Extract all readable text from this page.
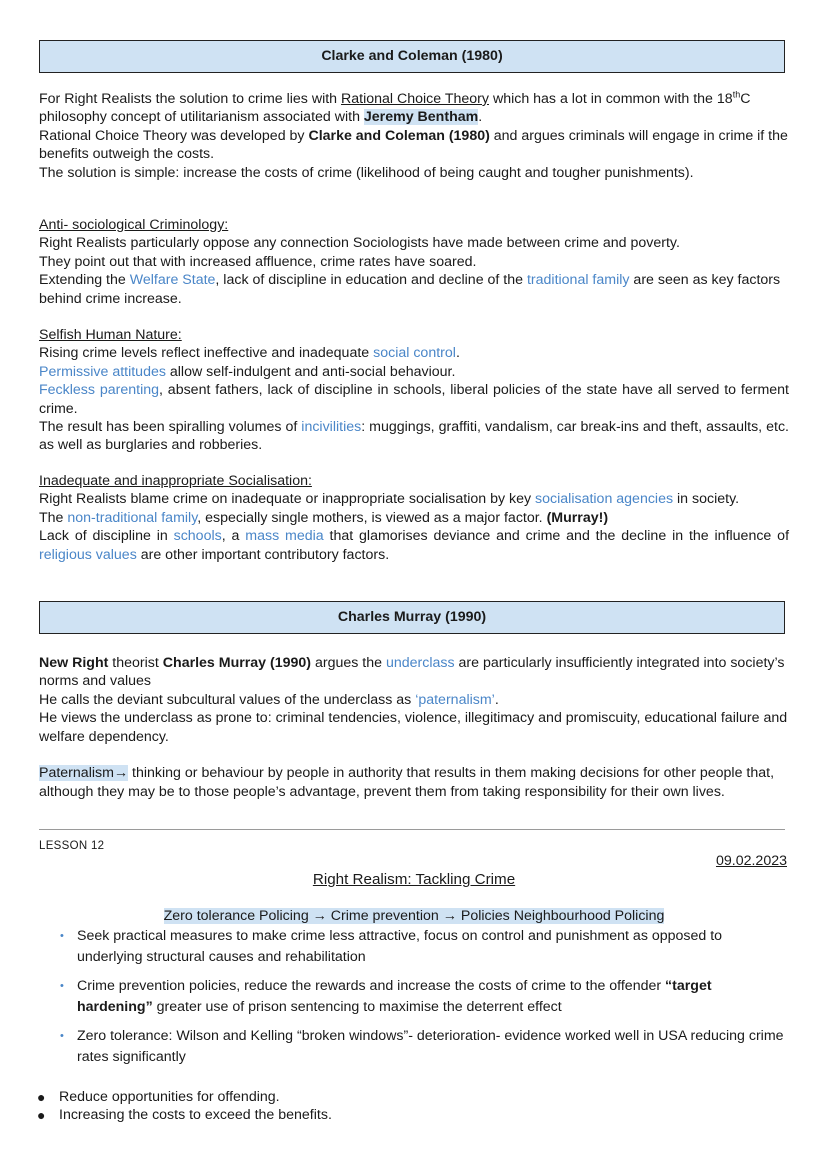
Clarke and Coleman (1980)

For Right Realists the solution to crime lies with Rational Choice Theory which has a lot in common with the 18thC philosophy concept of utilitarianism associated with Jeremy Bentham.

Rational Choice Theory was developed by Clarke and Coleman (1980) and argues criminals will engage in crime if the benefits outweigh the costs.

The solution is simple: increase the costs of crime (likelihood of being caught and tougher punishments).

Anti- sociological Criminology:

Right Realists particularly oppose any connection Sociologists have made between crime and poverty.

They point out that with increased affluence, crime rates have soared.

Extending the Welfare State, lack of discipline in education and decline of the traditional family are seen as key factors behind crime increase.

Selfish Human Nature:

Rising crime levels reflect ineffective and inadequate social control.

Permissive attitudes allow self-indulgent and anti-social behaviour.

Feckless parenting, absent fathers, lack of discipline in schools, liberal policies of the state have all served to ferment crime.

The result has been spiralling volumes of incivilities: muggings, graffiti, vandalism, car break-ins and theft, assaults, etc. as well as burglaries and robberies.

Inadequate and inappropriate Socialisation:

Right Realists blame crime on inadequate or inappropriate socialisation by key socialisation agencies in society.

The non-traditional family, especially single mothers, is viewed as a major factor. (Murray!)

Lack of discipline in schools, a mass media that glamorises deviance and crime and the decline in the influence of religious values are other important contributory factors.

Charles Murray (1990)

New Right theorist Charles Murray (1990) argues the underclass are particularly insufficiently integrated into society’s norms and values

He calls the deviant subcultural values of the underclass as ‘paternalism’.

He views the underclass as prone to: criminal tendencies, violence, illegitimacy and promiscuity, educational failure and welfare dependency.

Paternalism→ thinking or behaviour by people in authority that results in them making decisions for other people that, although they may be to those people’s advantage, prevent them from taking responsibility for their own lives.

LESSON 12
09.02.2023
Right Realism: Tackling Crime
Zero tolerance Policing → Crime prevention → Policies Neighbourhood Policing
• Seek practical measures to make crime less attractive, focus on control and punishment as opposed to underlying structural causes and rehabilitation
• Crime prevention policies, reduce the rewards and increase the costs of crime to the offender “target hardening” greater use of prison sentencing to maximise the deterrent effect
• Zero tolerance: Wilson and Kelling “broken windows”- deterioration- evidence worked well in USA reducing crime rates significantly
● Reduce opportunities for offending.
● Increasing the costs to exceed the benefits.
